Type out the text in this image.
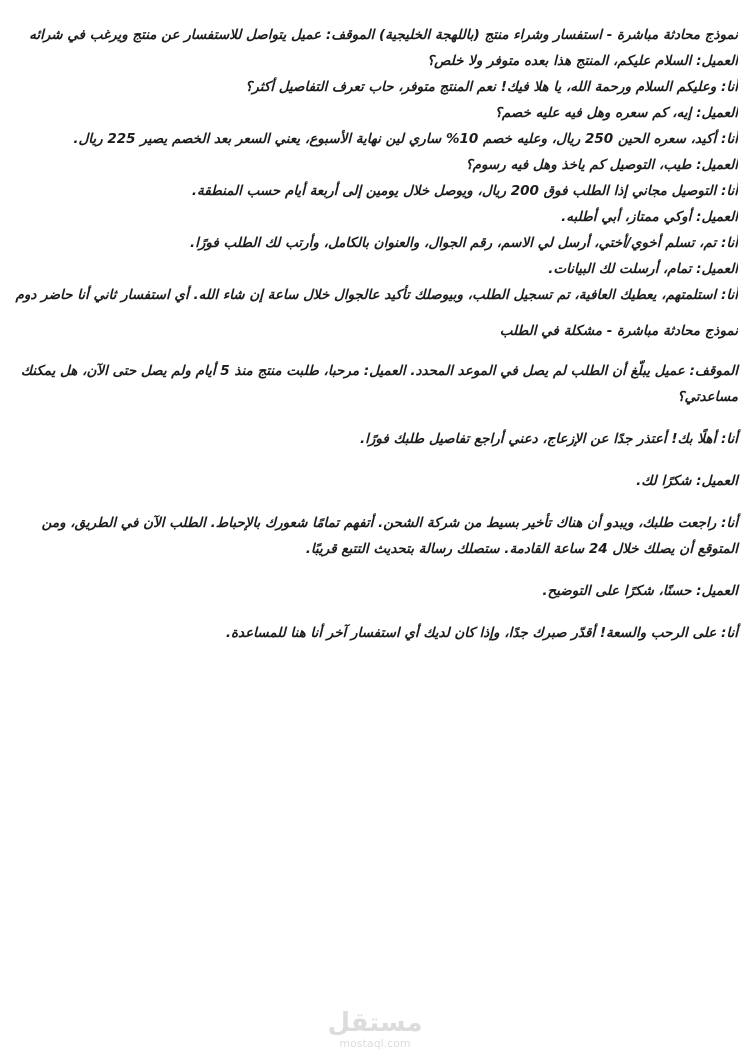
نموذج محادثة مباشرة - استفسار وشراء منتج (باللهجة الخليجية) الموقف: عميل يتواصل للاستفسار عن منتج ويرغب في شرائه
العميل: السلام عليكم، المنتج هذا بعده متوفر ولا خلص؟
أنا: وعليكم السلام ورحمة الله، يا هلا فيك! نعم المنتج متوفر، حاب تعرف التفاصيل أكثر؟
العميل: إيه، كم سعره وهل فيه عليه خصم؟
أنا: أكيد، سعره الحين 250 ريال، وعليه خصم 10% ساري لين نهاية الأسبوع، يعني السعر بعد الخصم يصير 225 ريال.
العميل: طيب، التوصيل كم ياخذ وهل فيه رسوم؟
أنا: التوصيل مجاني إذا الطلب فوق 200 ريال، ويوصل خلال يومين إلى أربعة أيام حسب المنطقة.
العميل: أوكي ممتاز، أبي أطلبه.
أنا: تم، تسلم أخوي/أختي، أرسل لي الاسم، رقم الجوال، والعنوان بالكامل، وأرتب لك الطلب فورًا.
العميل: تمام، أرسلت لك البيانات.
أنا: استلمتهم، يعطيك العافية، تم تسجيل الطلب، وبيوصلك تأكيد عالجوال خلال ساعة إن شاء الله. أي استفسار ثاني أنا حاضر دوم
نموذج محادثة مباشرة - مشكلة في الطلب

الموقف: عميل يبلّغ أن الطلب لم يصل في الموعد المحدد. العميل: مرحبا، طلبت منتج منذ 5 أيام ولم يصل حتى الآن، هل يمكنك مساعدتي؟

أنا: أهلًا بك! أعتذر جدًا عن الإزعاج، دعني أراجع تفاصيل طلبك فورًا.

العميل: شكرًا لك.

أنا: راجعت طلبك، ويبدو أن هناك تأخير بسيط من شركة الشحن. أتفهم تمامًا شعورك بالإحباط. الطلب الآن في الطريق، ومن المتوقع أن يصلك خلال 24 ساعة القادمة. ستصلك رسالة بتحديث التتبع قريبًا.

العميل: حسنًا، شكرًا على التوضيح.

أنا: على الرحب والسعة! أقدّر صبرك جدًا، وإذا كان لديك أي استفسار آخر أنا هنا للمساعدة.

مستقل
mostaql.com
